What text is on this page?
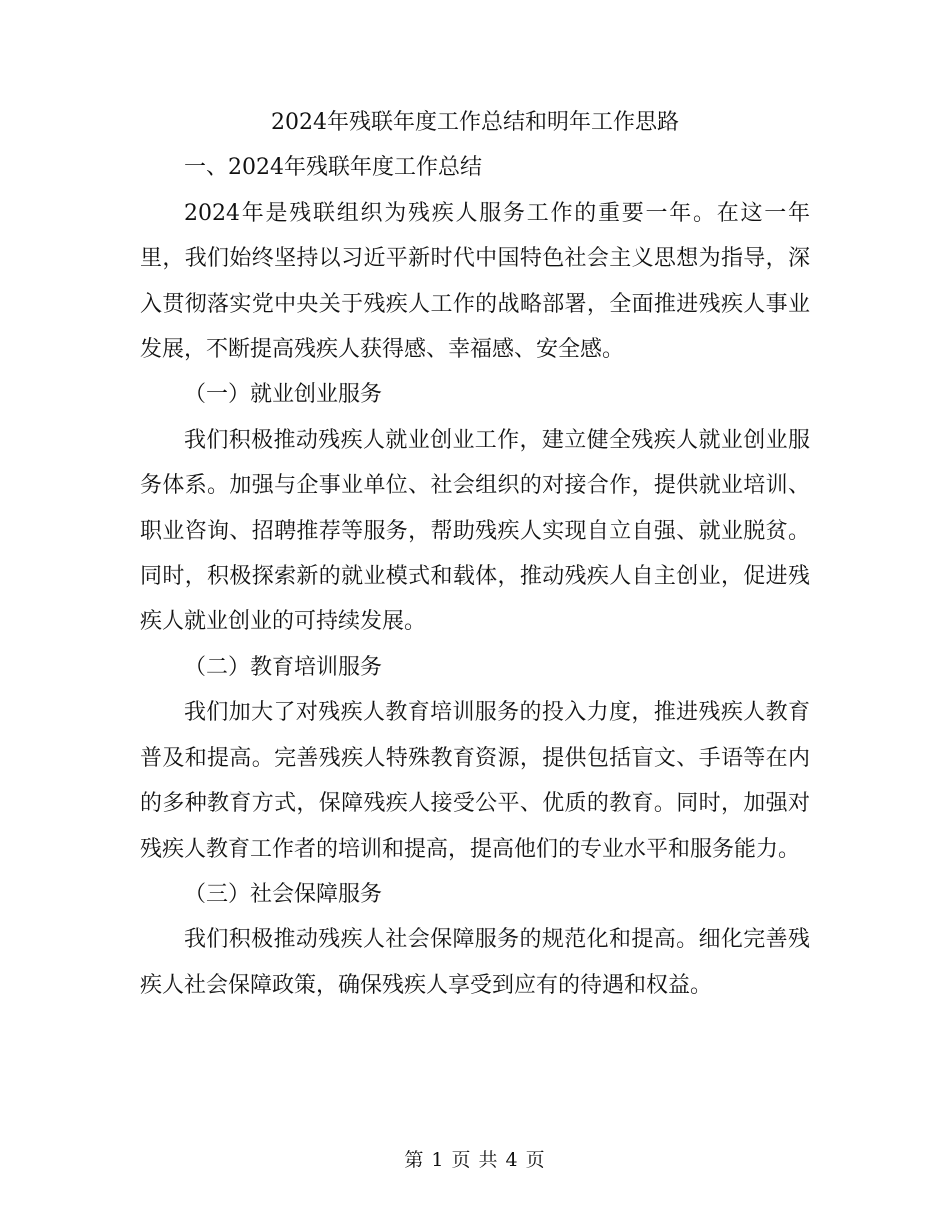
2024年残联年度工作总结和明年工作思路

一、2024年残联年度工作总结

2024年是残联组织为残疾人服务工作的重要一年。在这一年里，我们始终坚持以习近平新时代中国特色社会主义思想为指导，深入贯彻落实党中央关于残疾人工作的战略部署，全面推进残疾人事业发展，不断提高残疾人获得感、幸福感、安全感。

（一）就业创业服务

我们积极推动残疾人就业创业工作，建立健全残疾人就业创业服务体系。加强与企事业单位、社会组织的对接合作，提供就业培训、职业咨询、招聘推荐等服务，帮助残疾人实现自立自强、就业脱贫。同时，积极探索新的就业模式和载体，推动残疾人自主创业，促进残疾人就业创业的可持续发展。

（二）教育培训服务

我们加大了对残疾人教育培训服务的投入力度，推进残疾人教育普及和提高。完善残疾人特殊教育资源，提供包括盲文、手语等在内的多种教育方式，保障残疾人接受公平、优质的教育。同时，加强对残疾人教育工作者的培训和提高，提高他们的专业水平和服务能力。

（三）社会保障服务

我们积极推动残疾人社会保障服务的规范化和提高。细化完善残疾人社会保障政策，确保残疾人享受到应有的待遇和权益。

第 1 页 共 4 页
